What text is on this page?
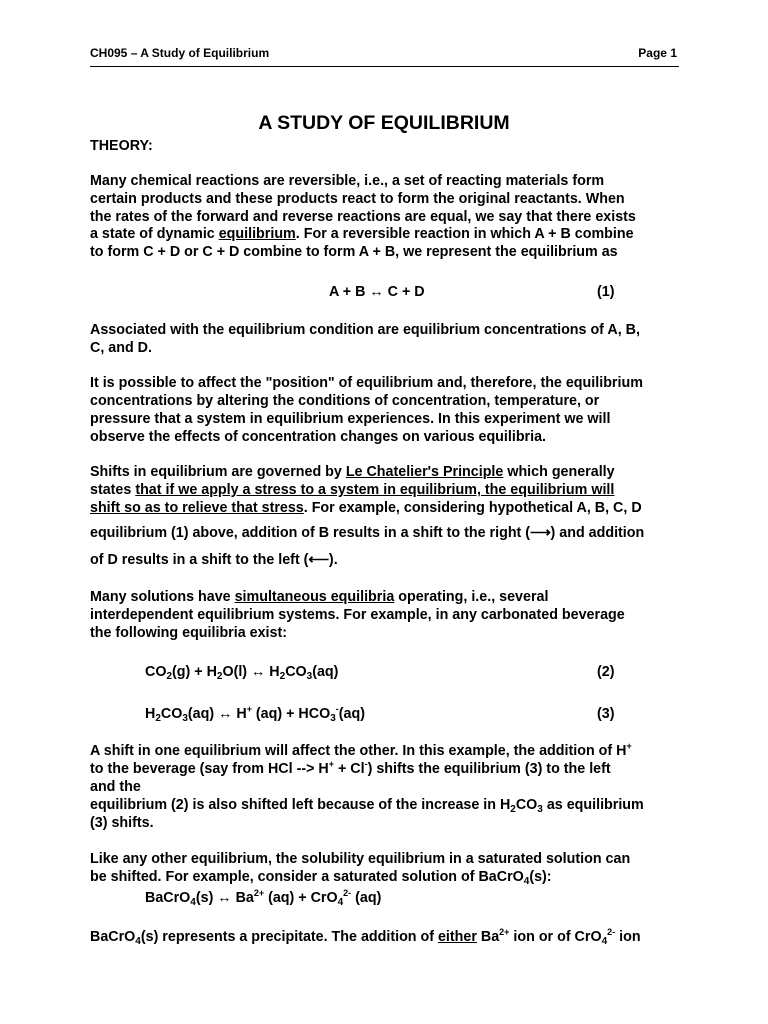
CH095 – A Study of Equilibrium	Page 1
A STUDY OF EQUILIBRIUM
THEORY:
Many chemical reactions are reversible, i.e., a set of reacting materials form
certain products and these products react to form the original reactants. When
the rates of the forward and reverse reactions are equal, we say that there exists
a state of dynamic equilibrium. For a reversible reaction in which A + B combine
to form C + D or C + D combine to form A + B, we represent the equilibrium as
A + B ↔ C + D	(1)
Associated with the equilibrium condition are equilibrium concentrations of A, B,
C, and D.
It is possible to affect the "position" of equilibrium and, therefore, the equilibrium
concentrations by altering the conditions of concentration, temperature, or
pressure that a system in equilibrium experiences. In this experiment we will
observe the effects of concentration changes on various equilibria.
Shifts in equilibrium are governed by Le Chatelier's Principle which generally
states that if we apply a stress to a system in equilibrium, the equilibrium will
shift so as to relieve that stress. For example, considering hypothetical A, B, C, D
equilibrium (1) above, addition of B results in a shift to the right (⟶) and addition
of D results in a shift to the left (⟵).
Many solutions have simultaneous equilibria operating, i.e., several
interdependent equilibrium systems. For example, in any carbonated beverage
the following equilibria exist:
$CO_2(g) + H_2O(l)$ ↔ $H_2CO_3(aq)$	(2)
$H_2CO_3(aq)$ ↔ H+ $(aq) + HCO_3^-(aq)$	(3)
A shift in one equilibrium will affect the other. In this example, the addition of H+
to the beverage (say from HCl --> H+ + Cl-) shifts the equilibrium (3) to the left
and the
equilibrium (2) is also shifted left because of the increase in $H_2CO_3$ as equilibrium
(3) shifts.
Like any other equilibrium, the solubility equilibrium in a saturated solution can
be shifted. For example, consider a saturated solution of BaCrO$_4$(s):
BaCrO$_4$(s) ↔ $Ba^{2+}$ (aq) + CrO$_4^{2-}$ (aq)
BaCrO$_4$(s) represents a precipitate. The addition of either $Ba^{2+}$ ion or of CrO$_4^{2-}$ ion
